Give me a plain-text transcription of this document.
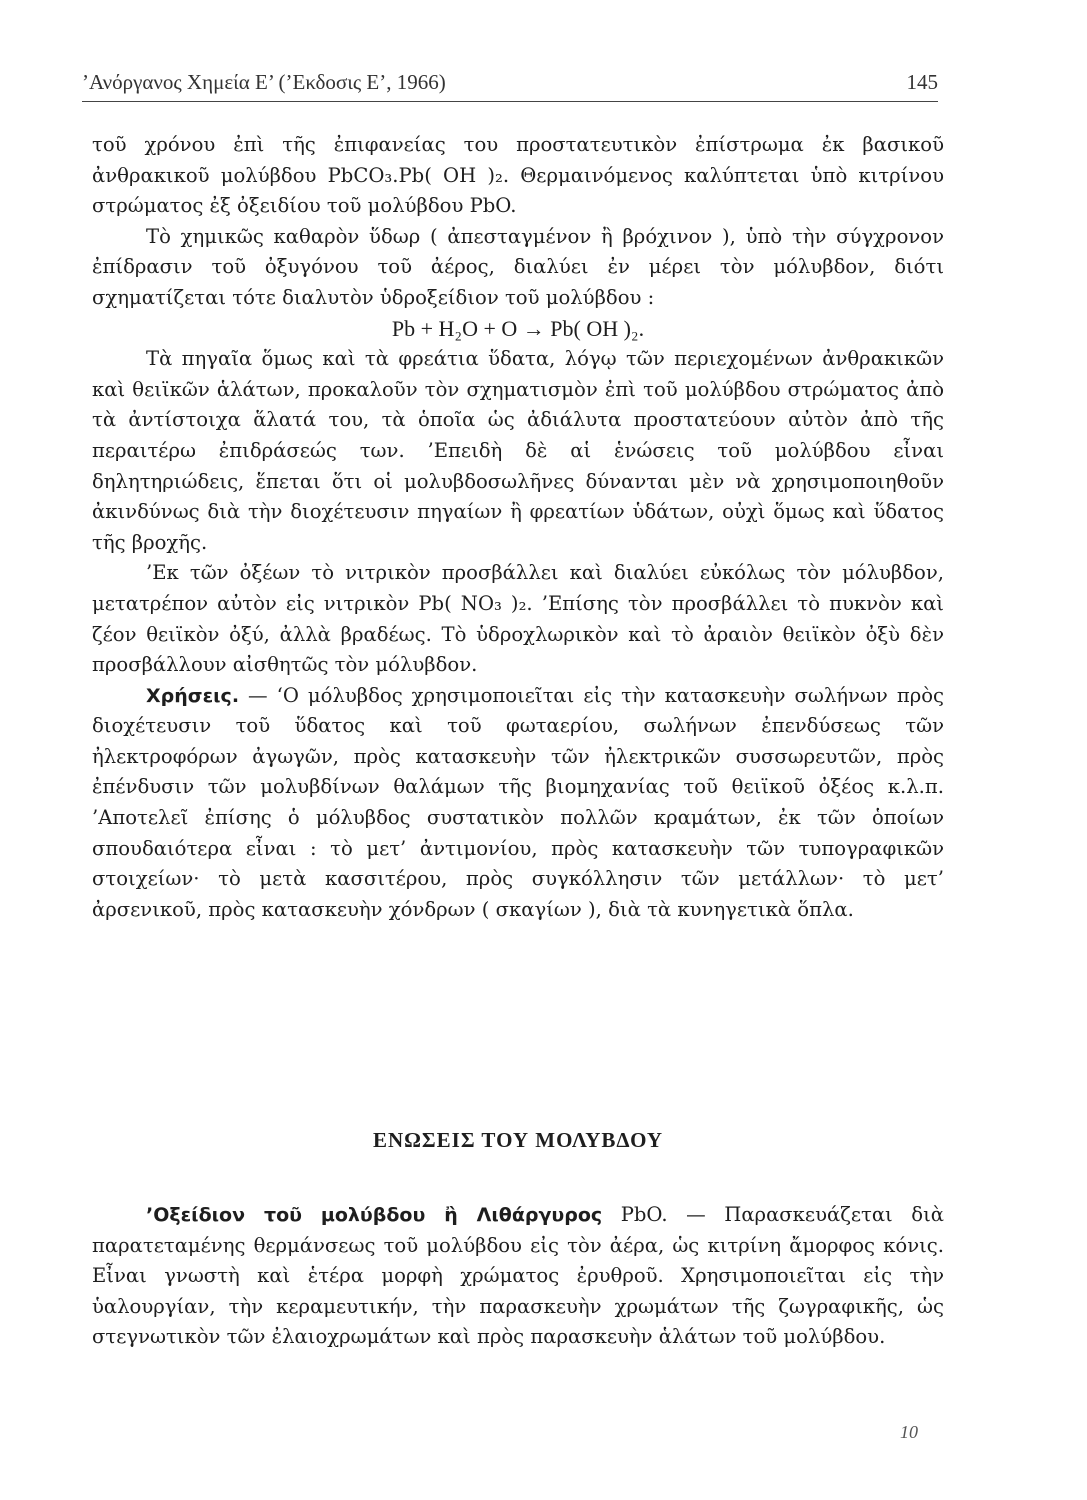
’Ανόργανος Χημεία Ε’ (’Εκδοσις Ε’, 1966)	145

τοῦ χρόνου ἐπὶ τῆς ἐπιφανείας του προστατευτικὸν ἐπίστρωμα ἐκ βασικοῦ ἀνθρακικοῦ μολύβδου PbCO₃.Pb( OH )₂. Θερμαινόμενος καλύπτεται ὑπὸ κιτρίνου στρώματος ἐξ ὀξειδίου τοῦ μολύβδου PbO.

Τὸ χημικῶς καθαρὸν ὕδωρ ( ἀπεσταγμένον ἢ βρόχινον ), ὑπὸ τὴν σύγχρονον ἐπίδρασιν τοῦ ὀξυγόνου τοῦ ἀέρος, διαλύει ἐν μέρει τὸν μόλυβδον, διότι σχηματίζεται τότε διαλυτὸν ὑδροξείδιον τοῦ μολύβδου :

Pb + H₂O + O → Pb( OH )₂.

Τὰ πηγαῖα ὅμως καὶ τὰ φρεάτια ὕδατα, λόγῳ τῶν περιεχομένων ἀνθρακικῶν καὶ θειϊκῶν ἁλάτων, προκαλοῦν τὸν σχηματισμὸν ἐπὶ τοῦ μολύβδου στρώματος ἀπὸ τὰ ἀντίστοιχα ἅλατά του, τὰ ὁποῖα ὡς ἀδιάλυτα προστατεύουν αὐτὸν ἀπὸ τῆς περαιτέρω ἐπιδράσεώς των. ’Επειδὴ δὲ αἱ ἑνώσεις τοῦ μολύβδου εἶναι δηλητηριώδεις, ἕπεται ὅτι οἱ μολυβδοσωλῆνες δύνανται μὲν νὰ χρησιμοποιηθοῦν ἀκινδύνως διὰ τὴν διοχέτευσιν πηγαίων ἢ φρεατίων ὑδάτων, οὐχὶ ὅμως καὶ ὕδατος τῆς βροχῆς.

’Εκ τῶν ὀξέων τὸ νιτρικὸν προσβάλλει καὶ διαλύει εὐκόλως τὸν μόλυβδον, μετατρέπον αὐτὸν εἰς νιτρικὸν Pb( NO₃ )₂. ’Επίσης τὸν προσβάλλει τὸ πυκνὸν καὶ ζέον θειϊκὸν ὀξύ, ἀλλὰ βραδέως. Τὸ ὑδροχλωρικὸν καὶ τὸ ἀραιὸν θειϊκὸν ὀξὺ δὲν προσβάλλουν αἰσθητῶς τὸν μόλυβδον.

Χρήσεις. — ‘Ο μόλυβδος χρησιμοποιεῖται εἰς τὴν κατασκευὴν σωλήνων πρὸς διοχέτευσιν τοῦ ὕδατος καὶ τοῦ φωταερίου, σωλήνων ἐπενδύσεως τῶν ἠλεκτροφόρων ἀγωγῶν, πρὸς κατασκευὴν τῶν ἠλεκτρικῶν συσσωρευτῶν, πρὸς ἐπένδυσιν τῶν μολυβδίνων θαλάμων τῆς βιομηχανίας τοῦ θειϊκοῦ ὀξέος κ.λ.π. ’Αποτελεῖ ἐπίσης ὁ μόλυβδος συστατικὸν πολλῶν κραμάτων, ἐκ τῶν ὁποίων σπουδαιότερα εἶναι : τὸ μετ’ ἀντιμονίου, πρὸς κατασκευὴν τῶν τυπογραφικῶν στοιχείων· τὸ μετὰ κασσιτέρου, πρὸς συγκόλλησιν τῶν μετάλλων· τὸ μετ’ ἀρσενικοῦ, πρὸς κατασκευὴν χόνδρων ( σκαγίων ), διὰ τὰ κυνηγετικὰ ὅπλα.

ΕΝΩΣΕΙΣ ΤΟΥ ΜΟΛΥΒΔΟΥ

’Οξείδιον τοῦ μολύβδου ἢ Λιθάργυρος PbO. — Παρασκευάζεται διὰ παρατεταμένης θερμάνσεως τοῦ μολύβδου εἰς τὸν ἀέρα, ὡς κιτρίνη ἄμορφος κόνις. Εἶναι γνωστὴ καὶ ἑτέρα μορφὴ χρώματος ἐρυθροῦ. Χρησιμοποιεῖται εἰς τὴν ὑαλουργίαν, τὴν κεραμευτικήν, τὴν παρασκευὴν χρωμάτων τῆς ζωγραφικῆς, ὡς στεγνωτικὸν τῶν ἐλαιοχρωμάτων καὶ πρὸς παρασκευὴν ἁλάτων τοῦ μολύβδου.

10
